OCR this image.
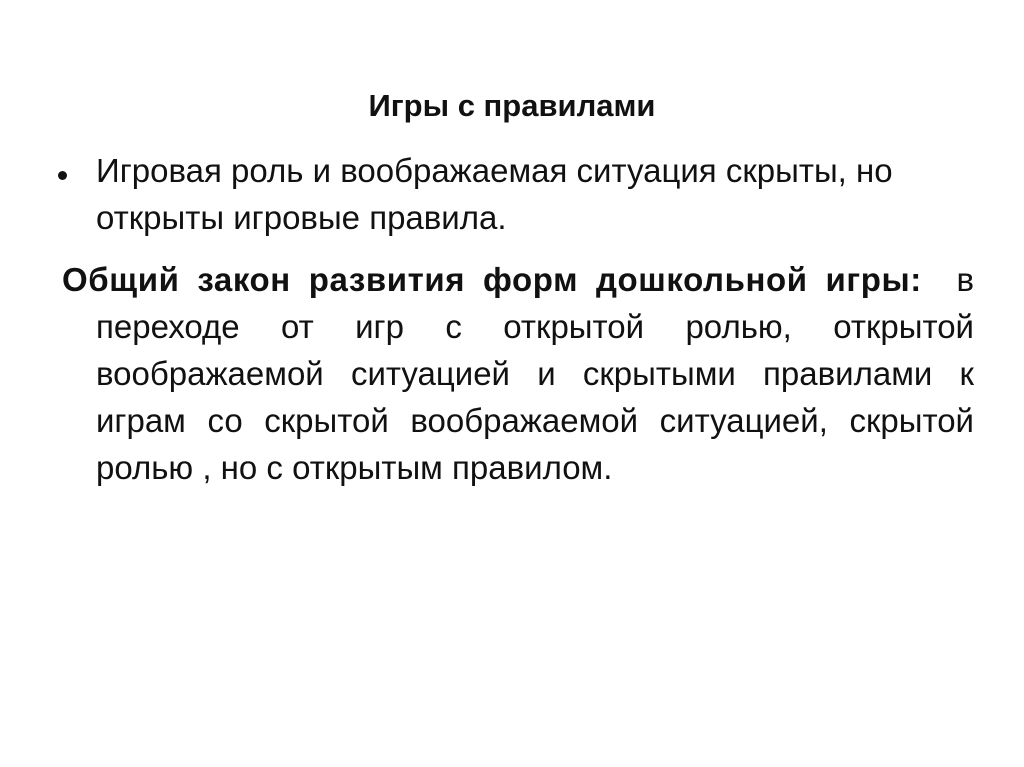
Игры с правилами
Игровая роль и воображаемая ситуация скрыты, но открыты игровые правила.
Общий закон развития форм дошкольной игры: в переходе от игр с открытой ролью, открытой воображаемой ситуацией и скрытыми правилами к играм со скрытой воображаемой ситуацией, скрытой ролью , но с открытым правилом.
